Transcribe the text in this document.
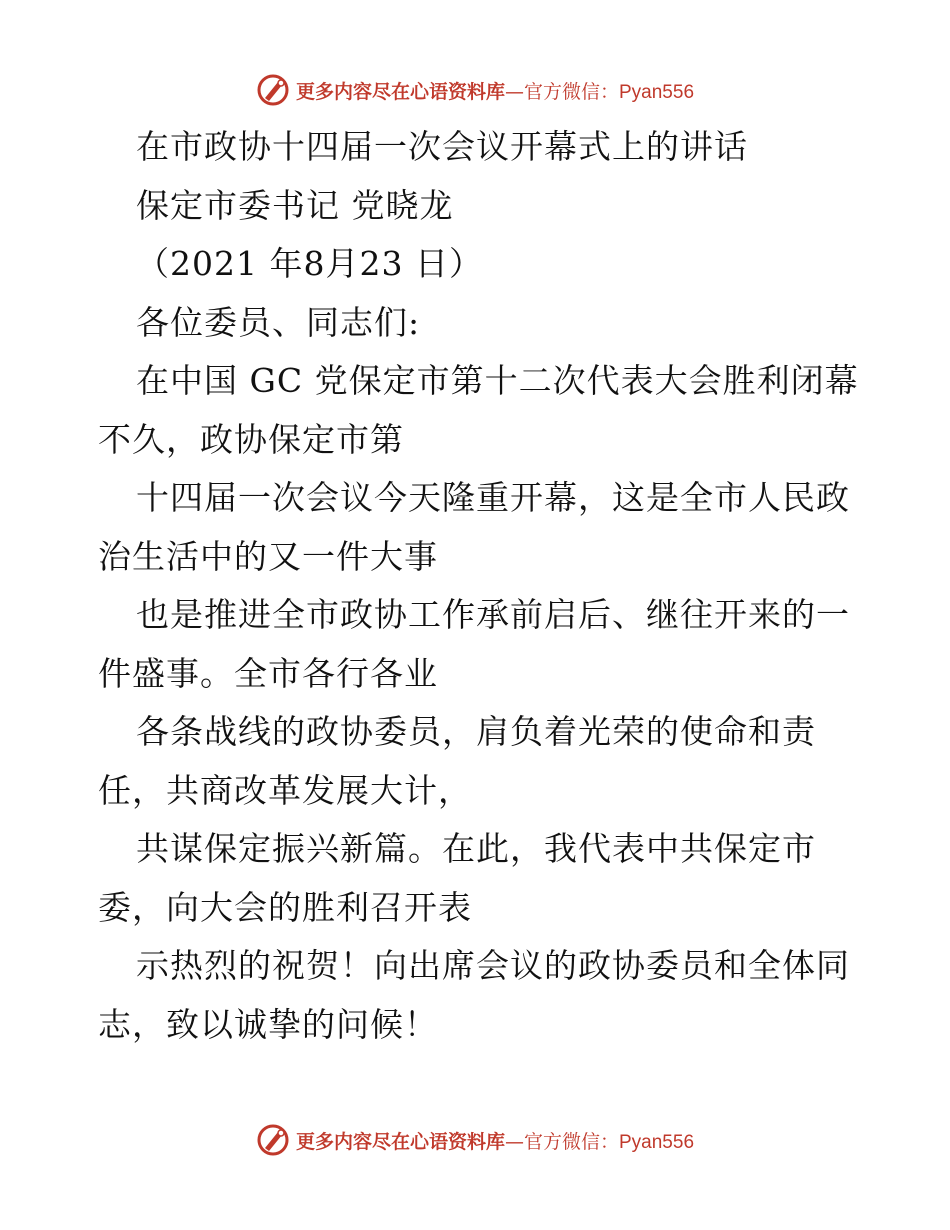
更多内容尽在心语资料库—官方微信：Pyan556
在市政协十四届一次会议开幕式上的讲话
保定市委书记 党晓龙
（2021 年8月23 日）
各位委员、同志们:
在中国 GC 党保定市第十二次代表大会胜利闭幕
不久，政协保定市第
十四届一次会议今天隆重开幕，这是全市人民政
治生活中的又一件大事
也是推进全市政协工作承前启后、继往开来的一
件盛事。全市各行各业
各条战线的政协委员，肩负着光荣的使命和责
任，共商改革发展大计，
共谋保定振兴新篇。在此，我代表中共保定市
委，向大会的胜利召开表
示热烈的祝贺！向出席会议的政协委员和全体同
志，致以诚挚的问候！
更多内容尽在心语资料库—官方微信：Pyan556
